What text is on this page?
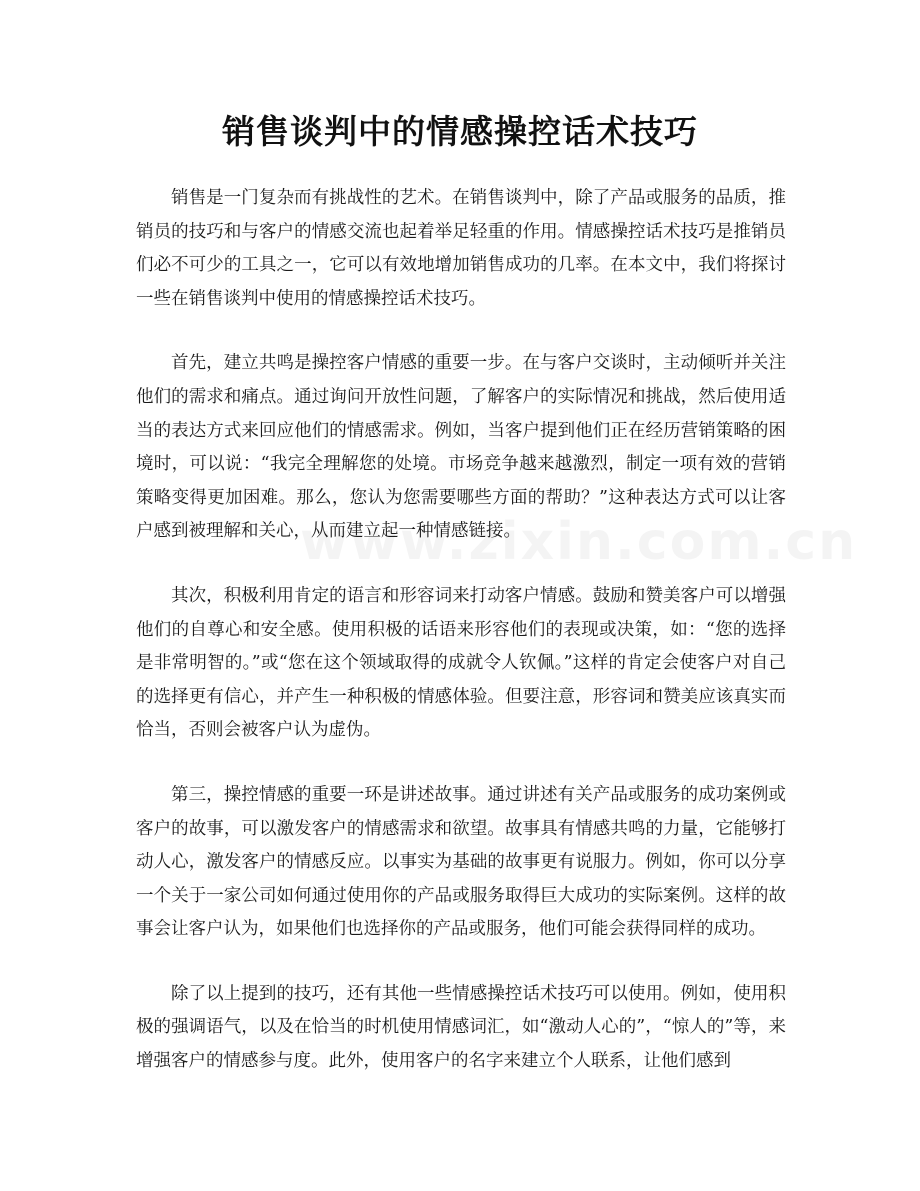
销售谈判中的情感操控话术技巧

销售是一门复杂而有挑战性的艺术。在销售谈判中，除了产品或服务的品质，推销员的技巧和与客户的情感交流也起着举足轻重的作用。情感操控话术技巧是推销员们必不可少的工具之一，它可以有效地增加销售成功的几率。在本文中，我们将探讨一些在销售谈判中使用的情感操控话术技巧。

首先，建立共鸣是操控客户情感的重要一步。在与客户交谈时，主动倾听并关注他们的需求和痛点。通过询问开放性问题，了解客户的实际情况和挑战，然后使用适当的表达方式来回应他们的情感需求。例如，当客户提到他们正在经历营销策略的困境时，可以说：“我完全理解您的处境。市场竞争越来越激烈，制定一项有效的营销策略变得更加困难。那么，您认为您需要哪些方面的帮助？”这种表达方式可以让客户感到被理解和关心，从而建立起一种情感链接。

其次，积极利用肯定的语言和形容词来打动客户情感。鼓励和赞美客户可以增强他们的自尊心和安全感。使用积极的话语来形容他们的表现或决策，如：“您的选择是非常明智的。”或“您在这个领域取得的成就令人钦佩。”这样的肯定会使客户对自己的选择更有信心，并产生一种积极的情感体验。但要注意，形容词和赞美应该真实而恰当，否则会被客户认为虚伪。

第三，操控情感的重要一环是讲述故事。通过讲述有关产品或服务的成功案例或客户的故事，可以激发客户的情感需求和欲望。故事具有情感共鸣的力量，它能够打动人心，激发客户的情感反应。以事实为基础的故事更有说服力。例如，你可以分享一个关于一家公司如何通过使用你的产品或服务取得巨大成功的实际案例。这样的故事会让客户认为，如果他们也选择你的产品或服务，他们可能会获得同样的成功。

除了以上提到的技巧，还有其他一些情感操控话术技巧可以使用。例如，使用积极的强调语气，以及在恰当的时机使用情感词汇，如“激动人心的”，“惊人的”等，来增强客户的情感参与度。此外，使用客户的名字来建立个人联系，让他们感到
